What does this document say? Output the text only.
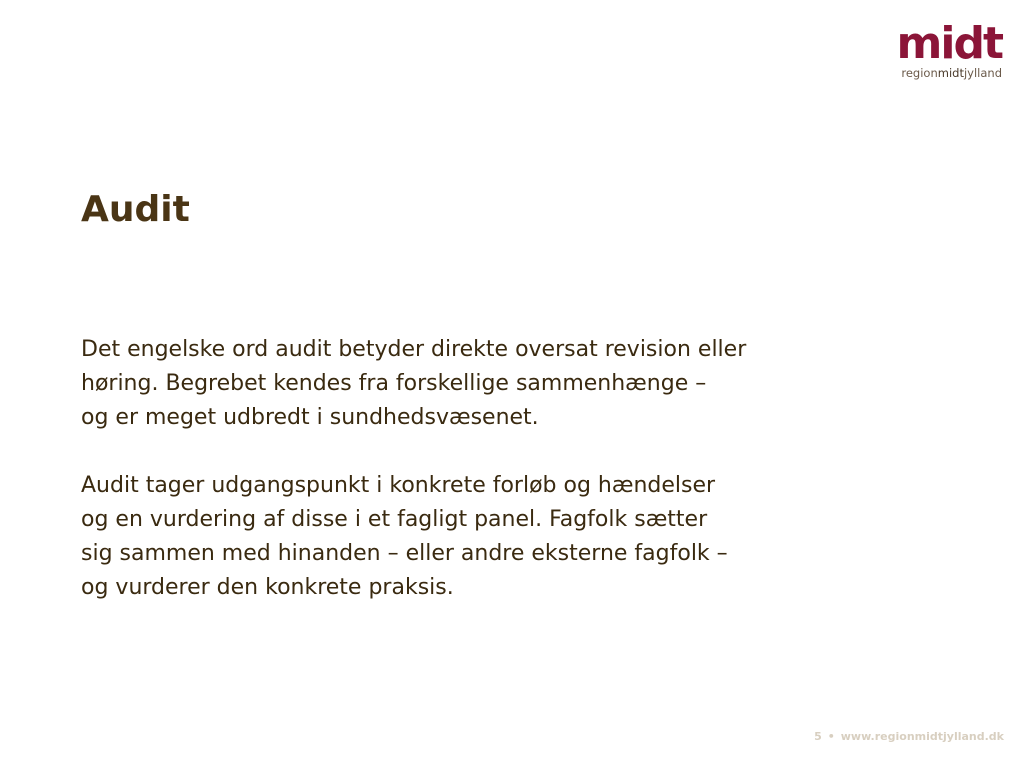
midt
regionmidtjylland
Audit

Det engelske ord audit betyder direkte oversat revision eller
høring. Begrebet kendes fra forskellige sammenhænge –
og er meget udbredt i sundhedsvæsenet.

Audit tager udgangspunkt i konkrete forløb og hændelser
og en vurdering af disse i et fagligt panel. Fagfolk sætter
sig sammen med hinanden – eller andre eksterne fagfolk –
og vurderer den konkrete praksis.

5 • www.regionmidtjylland.dk
